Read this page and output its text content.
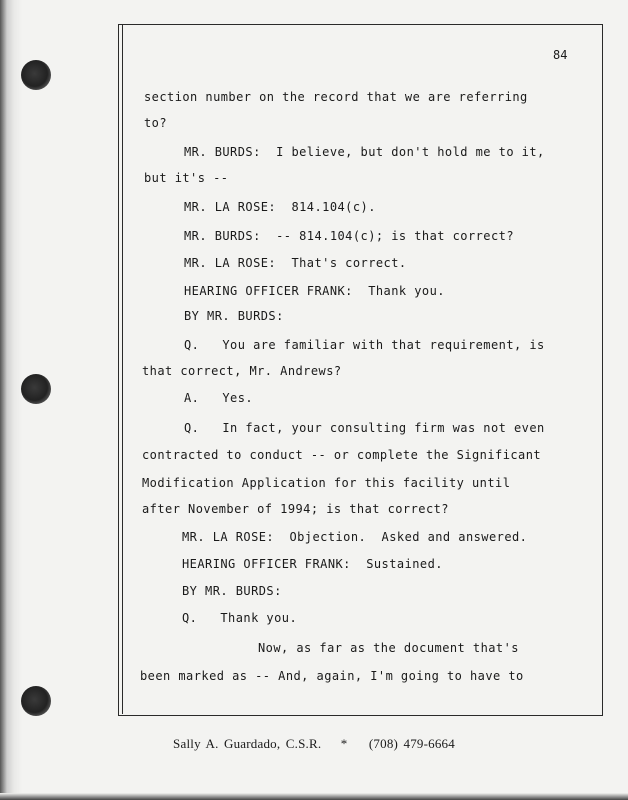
84
section number on the record that we are referring
to?
MR. BURDS:  I believe, but don't hold me to it,
but it's --
MR. LA ROSE:  814.104(c).
MR. BURDS:  -- 814.104(c); is that correct?
MR. LA ROSE:  That's correct.
HEARING OFFICER FRANK:  Thank you.
BY MR. BURDS:
Q.   You are familiar with that requirement, is
that correct, Mr. Andrews?
A.   Yes.
Q.   In fact, your consulting firm was not even
contracted to conduct -- or complete the Significant
Modification Application for this facility until
after November of 1994; is that correct?
MR. LA ROSE:  Objection.  Asked and answered.
HEARING OFFICER FRANK:  Sustained.
BY MR. BURDS:
Q.   Thank you.
Now, as far as the document that's
been marked as -- And, again, I'm going to have to
Sally A. Guardado, C.S.R. * (708) 479-6664
